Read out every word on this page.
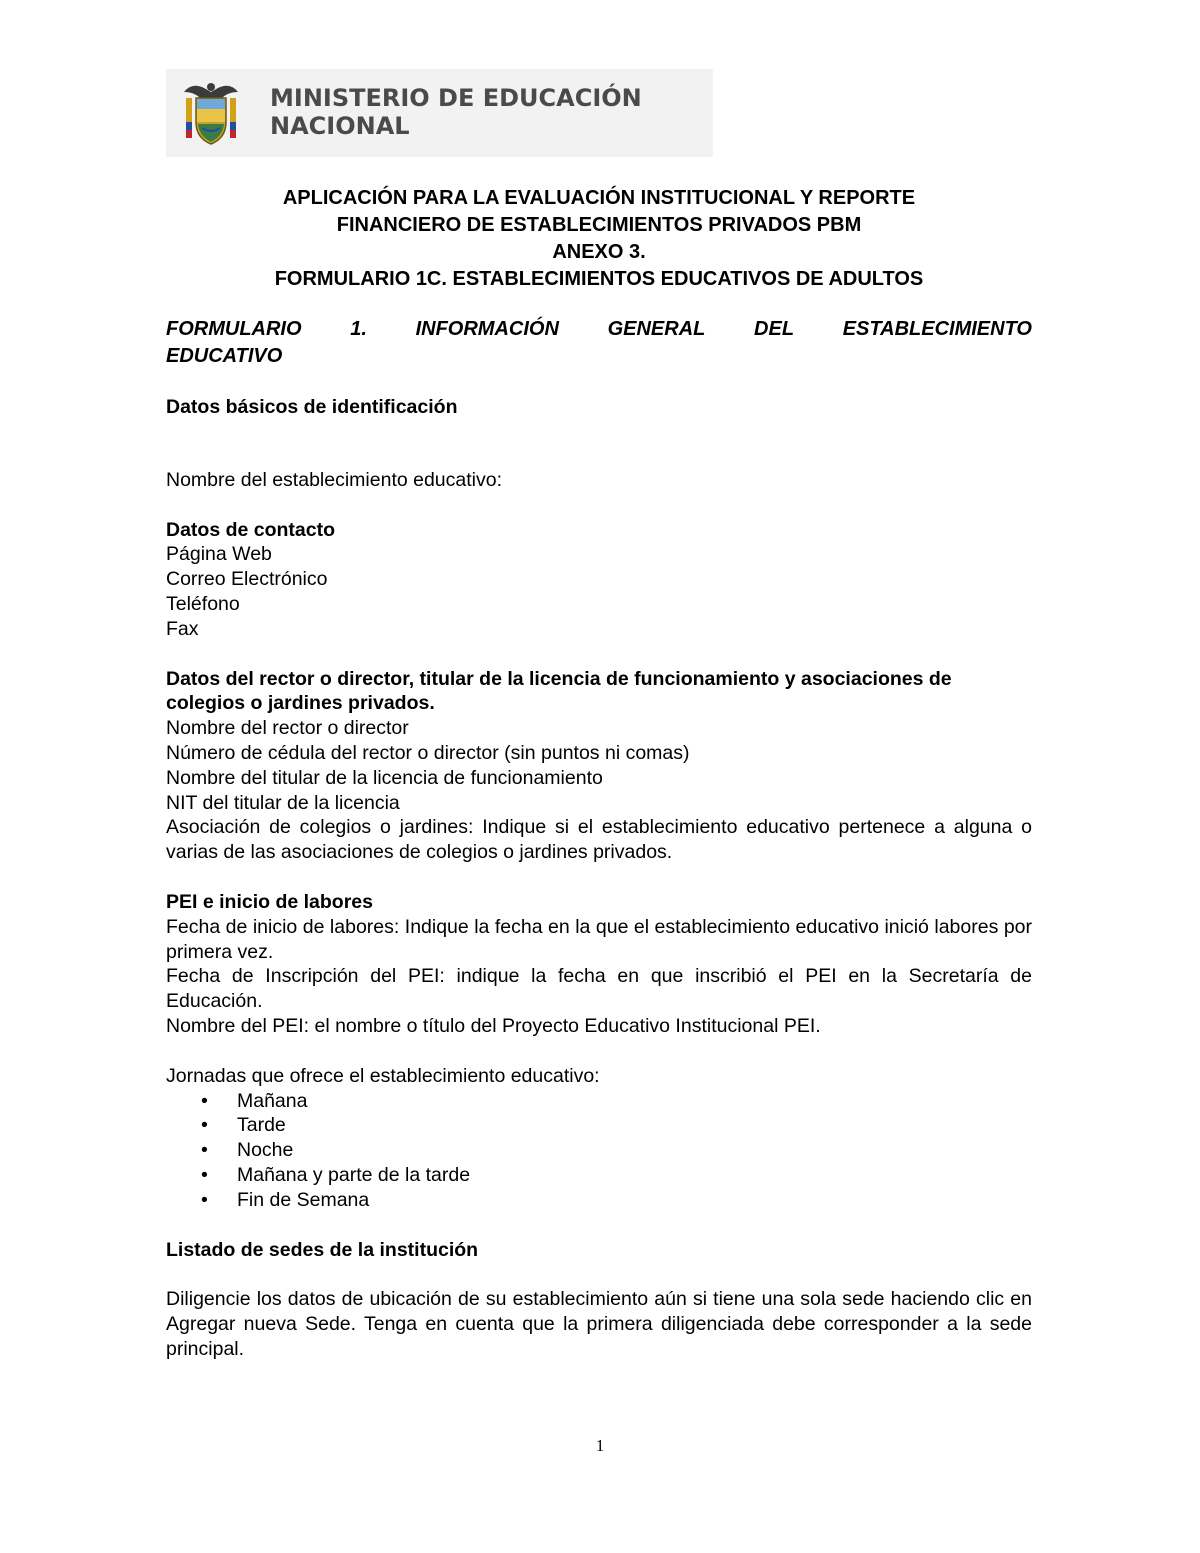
MINISTERIO DE EDUCACIÓN
NACIONAL
APLICACIÓN PARA LA EVALUACIÓN INSTITUCIONAL Y REPORTE
FINANCIERO DE ESTABLECIMIENTOS PRIVADOS PBM
ANEXO 3.
FORMULARIO 1C. ESTABLECIMIENTOS EDUCATIVOS DE ADULTOS
FORMULARIO 1. INFORMACIÓN GENERAL DEL ESTABLECIMIENTO
EDUCATIVO

Datos básicos de identificación

Nombre del establecimiento educativo:

Datos de contacto

Página Web

Correo Electrónico

Teléfono

Fax

Datos del rector o director, titular de la licencia de funcionamiento y asociaciones de colegios o jardines privados.

Nombre del rector o director

Número de cédula del rector o director (sin puntos ni comas)

Nombre del titular de la licencia de funcionamiento

NIT del titular de la licencia

Asociación de colegios o jardines: Indique si el establecimiento educativo pertenece a alguna o varias de las asociaciones de colegios o jardines privados.

PEI e inicio de labores

Fecha de inicio de labores: Indique la fecha en la que el establecimiento educativo inició labores por primera vez.

Fecha de Inscripción del PEI: indique la fecha en que inscribió el PEI en la Secretaría de Educación.

Nombre del PEI: el nombre o título del Proyecto Educativo Institucional PEI.

Jornadas que ofrece el establecimiento educativo:

• Mañana
• Tarde
• Noche
• Mañana y parte de la tarde
• Fin de Semana

Listado de sedes de la institución

Diligencie los datos de ubicación de su establecimiento aún si tiene una sola sede haciendo clic en Agregar nueva Sede. Tenga en cuenta que la primera diligenciada debe corresponder a la sede principal.

1
